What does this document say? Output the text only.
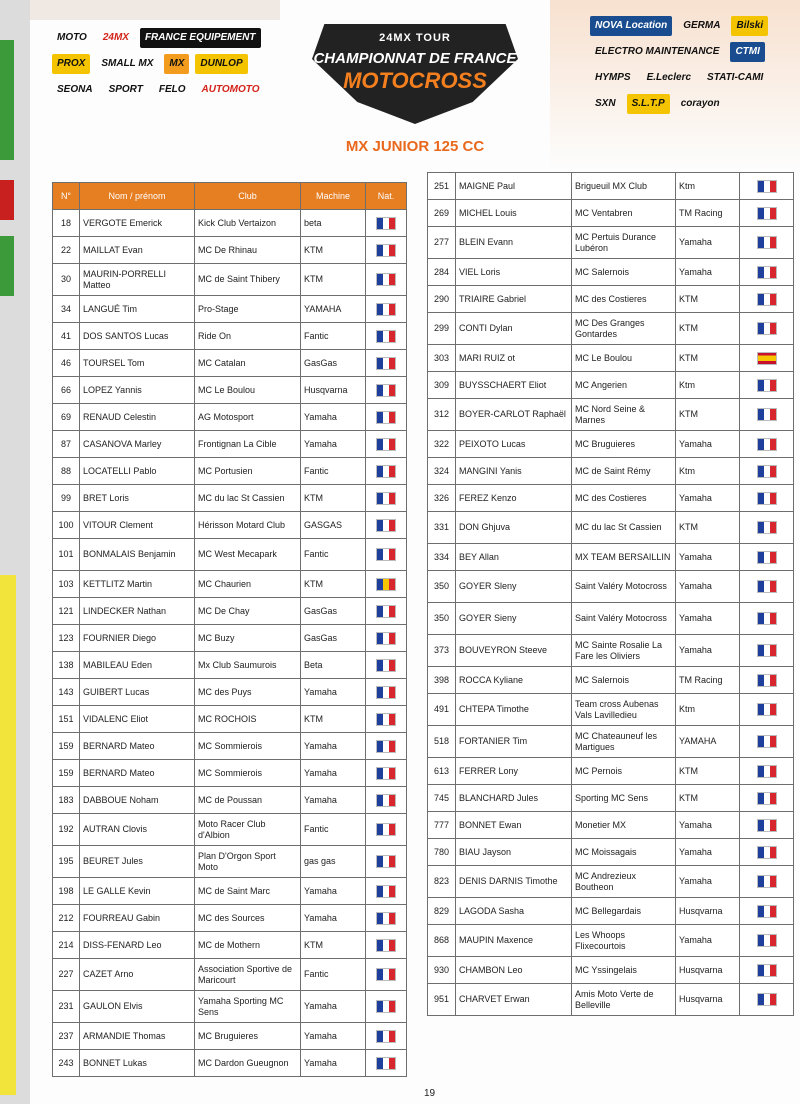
MOTO	24MX	FRANCE EQUIPEMENT
PROX	SMALL MX	MX	DUNLOP
SEONA	SPORT	FELO	AUTOMOTO
NOVA Location	GERMA	Bilski
ELECTRO MAINTENANCE	CTMI
HYMPS	E.Leclerc	STATI-CAMI
SXN	S.L.T.P	corayon
24MX TOUR
CHAMPIONNAT DE FRANCE
MOTOCROSS
MX JUNIOR 125 CC
N°	Nom / prénom	Club	Machine	Nat.
18	VERGOTE Emerick	Kick Club Vertaizon	beta	
22	MAILLAT Evan	MC De Rhinau	KTM	
30	MAURIN-PORRELLI Matteo	MC de Saint Thibery	KTM	
34	LANGUÉ Tim	Pro-Stage	YAMAHA	
41	DOS SANTOS Lucas	Ride On	Fantic	
46	TOURSEL Tom	MC Catalan	GasGas	
66	LOPEZ Yannis	MC Le Boulou	Husqvarna	
69	RENAUD Celestin	AG Motosport	Yamaha	
87	CASANOVA Marley	Frontignan La Cible	Yamaha	
88	LOCATELLI Pablo	MC Portusien	Fantic	
99	BRET Loris	MC du lac St Cassien	KTM	
100	VITOUR Clement	Hérisson Motard Club	GASGAS	
101	BONMALAIS Benjamin	MC West Mecapark	Fantic	
103	KETTLITZ Martin	MC Chaurien	KTM	
121	LINDECKER Nathan	MC De Chay	GasGas	
123	FOURNIER Diego	MC Buzy	GasGas	
138	MABILEAU Eden	Mx Club Saumurois	Beta	
143	GUIBERT Lucas	MC des Puys	Yamaha	
151	VIDALENC Eliot	MC ROCHOIS	KTM	
159	BERNARD Mateo	MC Sommierois	Yamaha	
159	BERNARD Mateo	MC Sommierois	Yamaha	
183	DABBOUE Noham	MC de Poussan	Yamaha	
192	AUTRAN Clovis	Moto Racer Club d'Albion	Fantic	
195	BEURET Jules	Plan D'Orgon Sport Moto	gas gas	
198	LE GALLE Kevin	MC de Saint Marc	Yamaha	
212	FOURREAU Gabin	MC des Sources	Yamaha	
214	DISS-FENARD Leo	MC de Mothern	KTM	
227	CAZET Arno	Association Sportive de Maricourt	Fantic	
231	GAULON Elvis	Yamaha Sporting MC Sens	Yamaha	
237	ARMANDIE Thomas	MC Bruguieres	Yamaha	
243	BONNET Lukas	MC Dardon Gueugnon	Yamaha	
251	MAIGNE Paul	Brigueuil MX Club	Ktm	
269	MICHEL Louis	MC Ventabren	TM Racing	
277	BLEIN Evann	MC Pertuis Durance Lubéron	Yamaha	
284	VIEL Loris	MC Salernois	Yamaha	
290	TRIAIRE Gabriel	MC des Costieres	KTM	
299	CONTI Dylan	MC Des Granges Gontardes	KTM	
303	MARI RUIZ ot	MC Le Boulou	KTM	
309	BUYSSCHAERT Eliot	MC Angerien	Ktm	
312	BOYER-CARLOT Raphaël	MC Nord Seine & Marnes	KTM	
322	PEIXOTO Lucas	MC Bruguieres	Yamaha	
324	MANGINI Yanis	MC de Saint Rémy	Ktm	
326	FEREZ Kenzo	MC des Costieres	Yamaha	
331	DON Ghjuva	MC du lac St Cassien	KTM	
334	BEY Allan	MX TEAM BERSAILLIN	Yamaha	
350	GOYER Sleny	Saint Valéry Motocross	Yamaha	
350	GOYER Sieny	Saint Valéry Motocross	Yamaha	
373	BOUVEYRON Steeve	MC Sainte Rosalie La Fare les Oliviers	Yamaha	
398	ROCCA Kyliane	MC Salernois	TM Racing	
491	CHTEPA Timothe	Team cross Aubenas Vals Lavilledieu	Ktm	
518	FORTANIER Tim	MC Chateauneuf les Martigues	YAMAHA	
613	FERRER Lony	MC Pernois	KTM	
745	BLANCHARD Jules	Sporting MC Sens	KTM	
777	BONNET Ewan	Monetier MX	Yamaha	
780	BIAU Jayson	MC Moissagais	Yamaha	
823	DENIS DARNIS Timothe	MC Andrezieux Boutheon	Yamaha	
829	LAGODA Sasha	MC Bellegardais	Husqvarna	
868	MAUPIN Maxence	Les Whoops Flixecourtois	Yamaha	
930	CHAMBON Leo	MC Yssingelais	Husqvarna	
951	CHARVET Erwan	Amis Moto Verte de Belleville	Husqvarna	
19
